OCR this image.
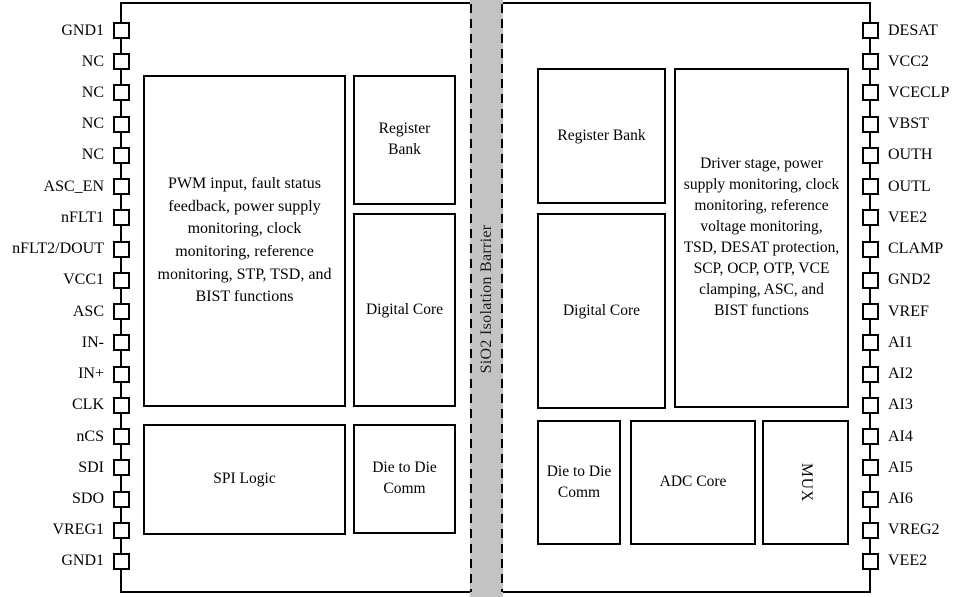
SiO2 Isolation Barrier
PWM input, fault status feedback, power supply monitoring, clock monitoring, reference monitoring, STP, TSD, and BIST functions
Register Bank
Digital Core
SPI Logic
Die to Die Comm
Register Bank
Digital Core
Driver stage, power supply monitoring, clock monitoring, reference voltage monitoring, TSD, DESAT protection, SCP, OCP, OTP, VCE clamping, ASC, and BIST functions
Die to Die Comm
ADC Core	MUX
GND1
NC
NC
NC
NC
ASC_EN
nFLT1
nFLT2/DOUT
VCC1
ASC
IN-
IN+
CLK
nCS
SDI
SDO
VREG1
GND1
DESAT
VCC2
VCECLP
VBST
OUTH
OUTL
VEE2
CLAMP
GND2
VREF
AI1
AI2
AI3
AI4
AI5
AI6
VREG2
VEE2
